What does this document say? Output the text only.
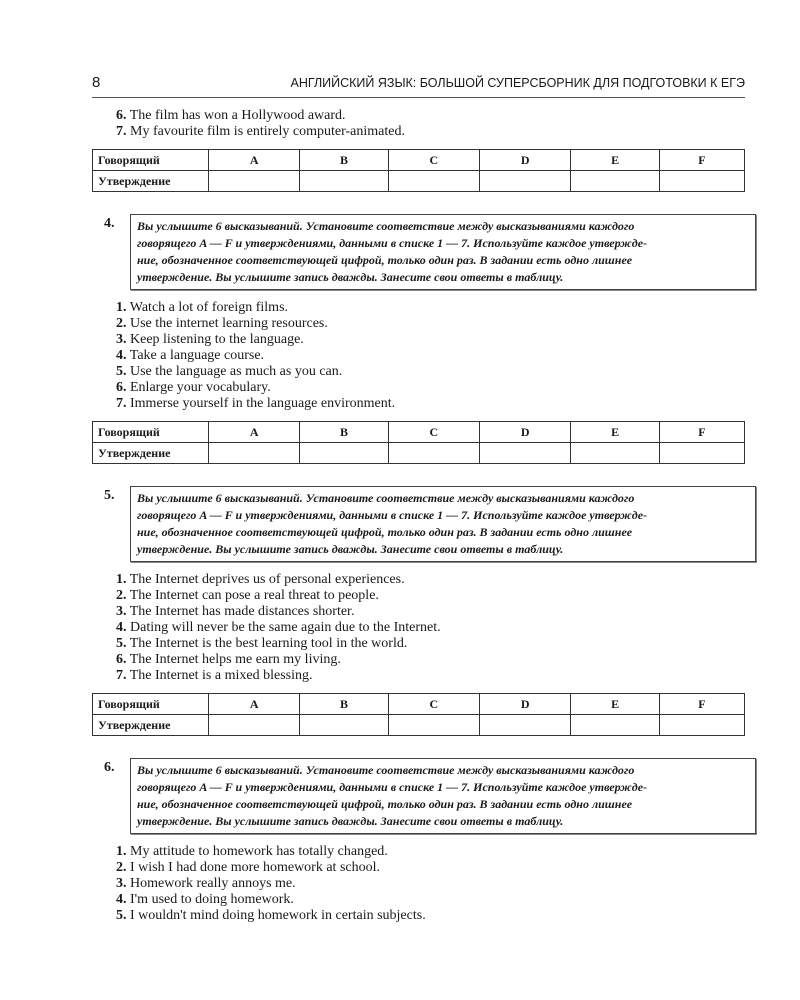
8	АНГЛИЙСКИЙ ЯЗЫК: БОЛЬШОЙ СУПЕРСБОРНИК ДЛЯ ПОДГОТОВКИ К ЕГЭ
6. The film has won a Hollywood award.
7. My favourite film is entirely computer-animated.
Говорящий	A	B	C	D	E	F
Утверждение						
4.	Вы услышите 6 высказываний. Установите соответствие между высказываниями каждого
говорящего A — F и утверждениями, данными в списке 1 — 7. Используйте каждое утвержде-
ние, обозначенное соответствующей цифрой, только один раз. В задании есть одно лишнее
утверждение. Вы услышите запись дважды. Занесите свои ответы в таблицу.
1. Watch a lot of foreign films.
2. Use the internet learning resources.
3. Keep listening to the language.
4. Take a language course.
5. Use the language as much as you can.
6. Enlarge your vocabulary.
7. Immerse yourself in the language environment.
Говорящий	A	B	C	D	E	F
Утверждение						
5.	Вы услышите 6 высказываний. Установите соответствие между высказываниями каждого
говорящего A — F и утверждениями, данными в списке 1 — 7. Используйте каждое утвержде-
ние, обозначенное соответствующей цифрой, только один раз. В задании есть одно лишнее
утверждение. Вы услышите запись дважды. Занесите свои ответы в таблицу.
1. The Internet deprives us of personal experiences.
2. The Internet can pose a real threat to people.
3. The Internet has made distances shorter.
4. Dating will never be the same again due to the Internet.
5. The Internet is the best learning tool in the world.
6. The Internet helps me earn my living.
7. The Internet is a mixed blessing.
Говорящий	A	B	C	D	E	F
Утверждение						
6.	Вы услышите 6 высказываний. Установите соответствие между высказываниями каждого
говорящего A — F и утверждениями, данными в списке 1 — 7. Используйте каждое утвержде-
ние, обозначенное соответствующей цифрой, только один раз. В задании есть одно лишнее
утверждение. Вы услышите запись дважды. Занесите свои ответы в таблицу.
1. My attitude to homework has totally changed.
2. I wish I had done more homework at school.
3. Homework really annoys me.
4. I'm used to doing homework.
5. I wouldn't mind doing homework in certain subjects.
